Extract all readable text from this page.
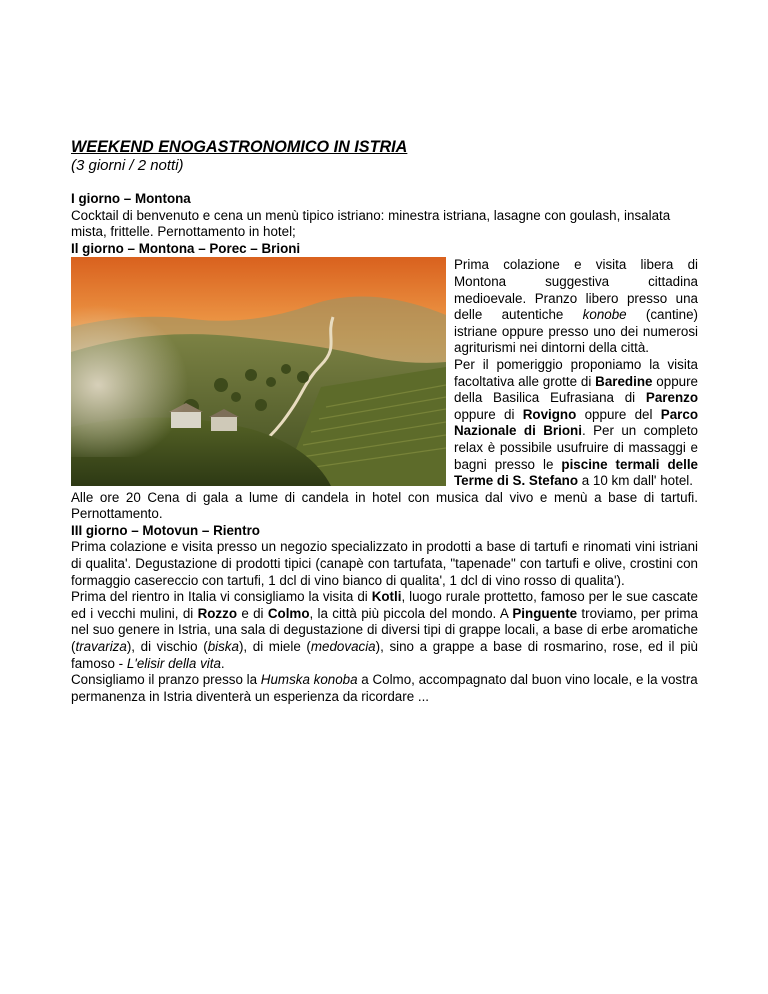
WEEKEND ENOGASTRONOMICO IN ISTRIA
(3 giorni / 2 notti)
I giorno – Montona

Cocktail di benvenuto e cena un menù tipico istriano: minestra istriana, lasagne con goulash, insalata mista, frittelle. Pernottamento in hotel;

Il giorno – Montona – Porec – Brioni

Prima colazione e visita libera di Montona suggestiva cittadina medioevale. Pranzo libero presso una delle autentiche konobe (cantine) istriane oppure presso uno dei numerosi agriturismi nei dintorni della città.

Per il pomeriggio proponiamo la visita facoltativa alle grotte di Baredine oppure della Basilica Eufrasiana di Parenzo oppure di Rovigno oppure del Parco Nazionale di Brioni. Per un completo relax è possibile usufruire di massaggi e bagni presso le piscine termali delle Terme di S. Stefano a 10 km dall' hotel.

Alle ore 20 Cena di gala a lume di candela in hotel con musica dal vivo e menù a base di tartufi. Pernottamento.

III giorno – Motovun – Rientro

Prima colazione e visita presso un negozio specializzato in prodotti a base di tartufi e rinomati vini istriani di qualita'. Degustazione di prodotti tipici (canapè con tartufata, "tapenade" con tartufi e olive, crostini con formaggio casereccio con tartufi, 1 dcl di vino bianco di qualita', 1 dcl di vino rosso di qualita').

Prima del rientro in Italia vi consigliamo la visita di Kotli, luogo rurale prottetto, famoso per le sue cascate ed i vecchi mulini, di Rozzo e di Colmo, la città più piccola del mondo. A Pinguente troviamo, per prima nel suo genere in Istria, una sala di degustazione di diversi tipi di grappe locali, a base di erbe aromatiche (travariza), di vischio (biska), di miele (medovacia), sino a grappe a base di rosmarino, rose, ed il più famoso - L'elisir della vita.

Consigliamo il pranzo presso la Humska konoba a Colmo, accompagnato dal buon vino locale, e la vostra permanenza in Istria diventerà un esperienza da ricordare ...
